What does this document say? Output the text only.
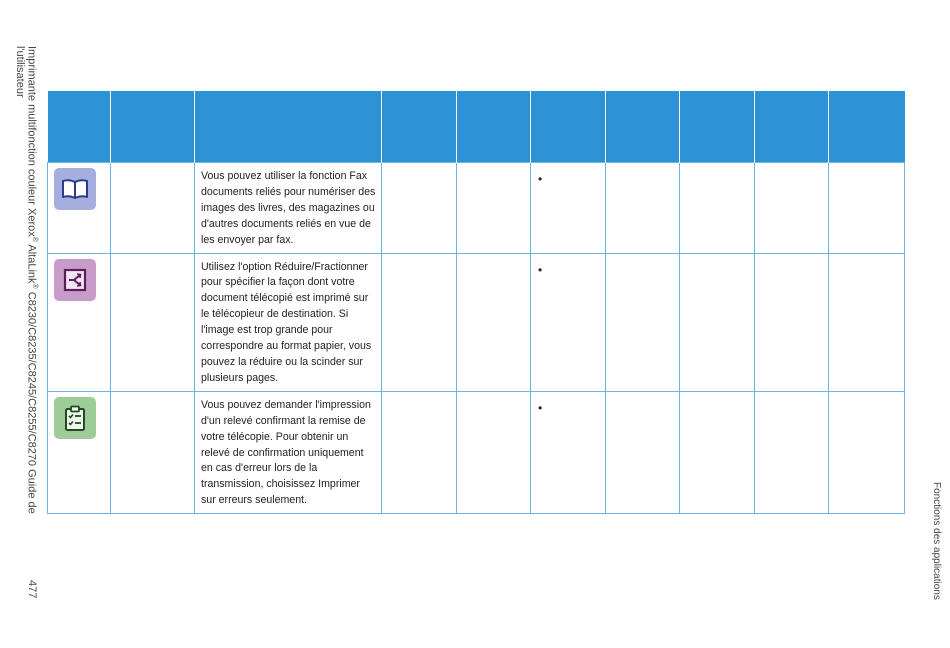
Imprimante multifonction couleur Xerox® AltaLink® C8230/C8235/C8245/C8255/C8270 Guide de
l'utilisateur
477	Fonctions des applications

		Vous pouvez utiliser la fonction Fax documents reliés pour numériser des images des livres, des magazines ou d'autres documents reliés en vue de les envoyer par fax.			•				

		Utilisez l'option Réduire/Fractionner pour spécifier la façon dont votre document télécopié est imprimé sur le télécopieur de destination. Si l'image est trop grande pour correspondre au format papier, vous pouvez la réduire ou la scinder sur plusieurs pages.			•				

		Vous pouvez demander l'impression d'un relevé confirmant la remise de votre télécopie. Pour obtenir un relevé de confirmation uniquement en cas d'erreur lors de la transmission, choisissez Imprimer sur erreurs seulement.			•				
